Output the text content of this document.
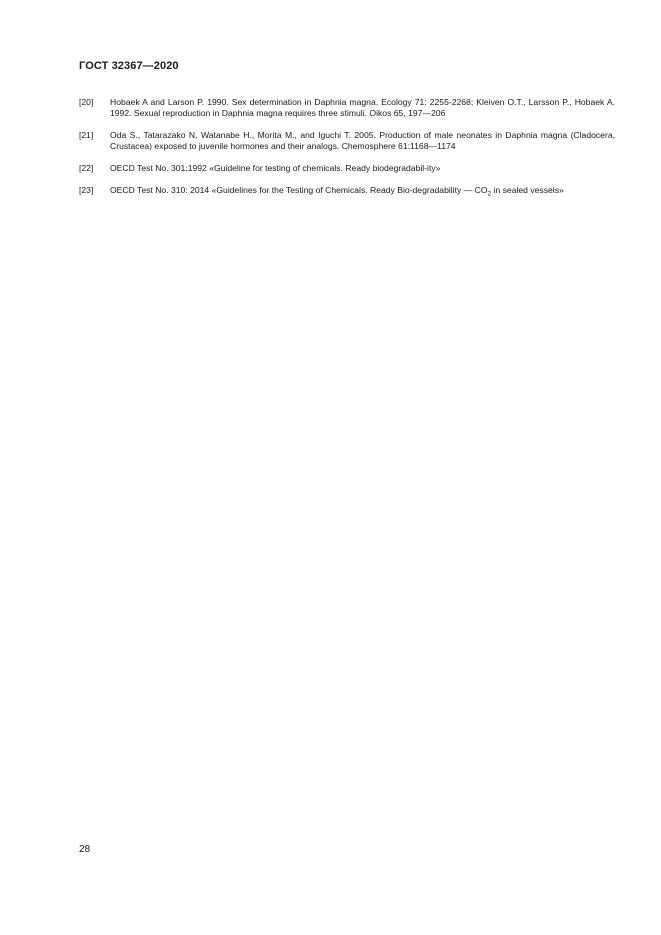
ГОСТ 32367—2020
[20]	Hobaek A and Larson P. 1990. Sex determination in Daphnia magna. Ecology 71: 2255-2268; Kleiven O.T., Larsson P., Hobaek A. 1992. Sexual reproduction in Daphnia magna requires three stimuli. Oikos 65, 197—206
[21]	Oda S., Tatarazako N, Watanabe H., Morita M., and Iguchi T. 2005. Production of male neonates in Daphnia magna (Cladocera, Crustacea) exposed to juvenile hormones and their analogs. Chemosphere 61:1168—1174
[22]	OECD Test No. 301:1992 «Guideline for testing of chemicals. Ready biodegradabil-ity»
[23]	OECD Test No. 310: 2014 «Guidelines for the Testing of Chemicals. Ready Bio-degradability — $CO_2$ in sealed vessels»
28
